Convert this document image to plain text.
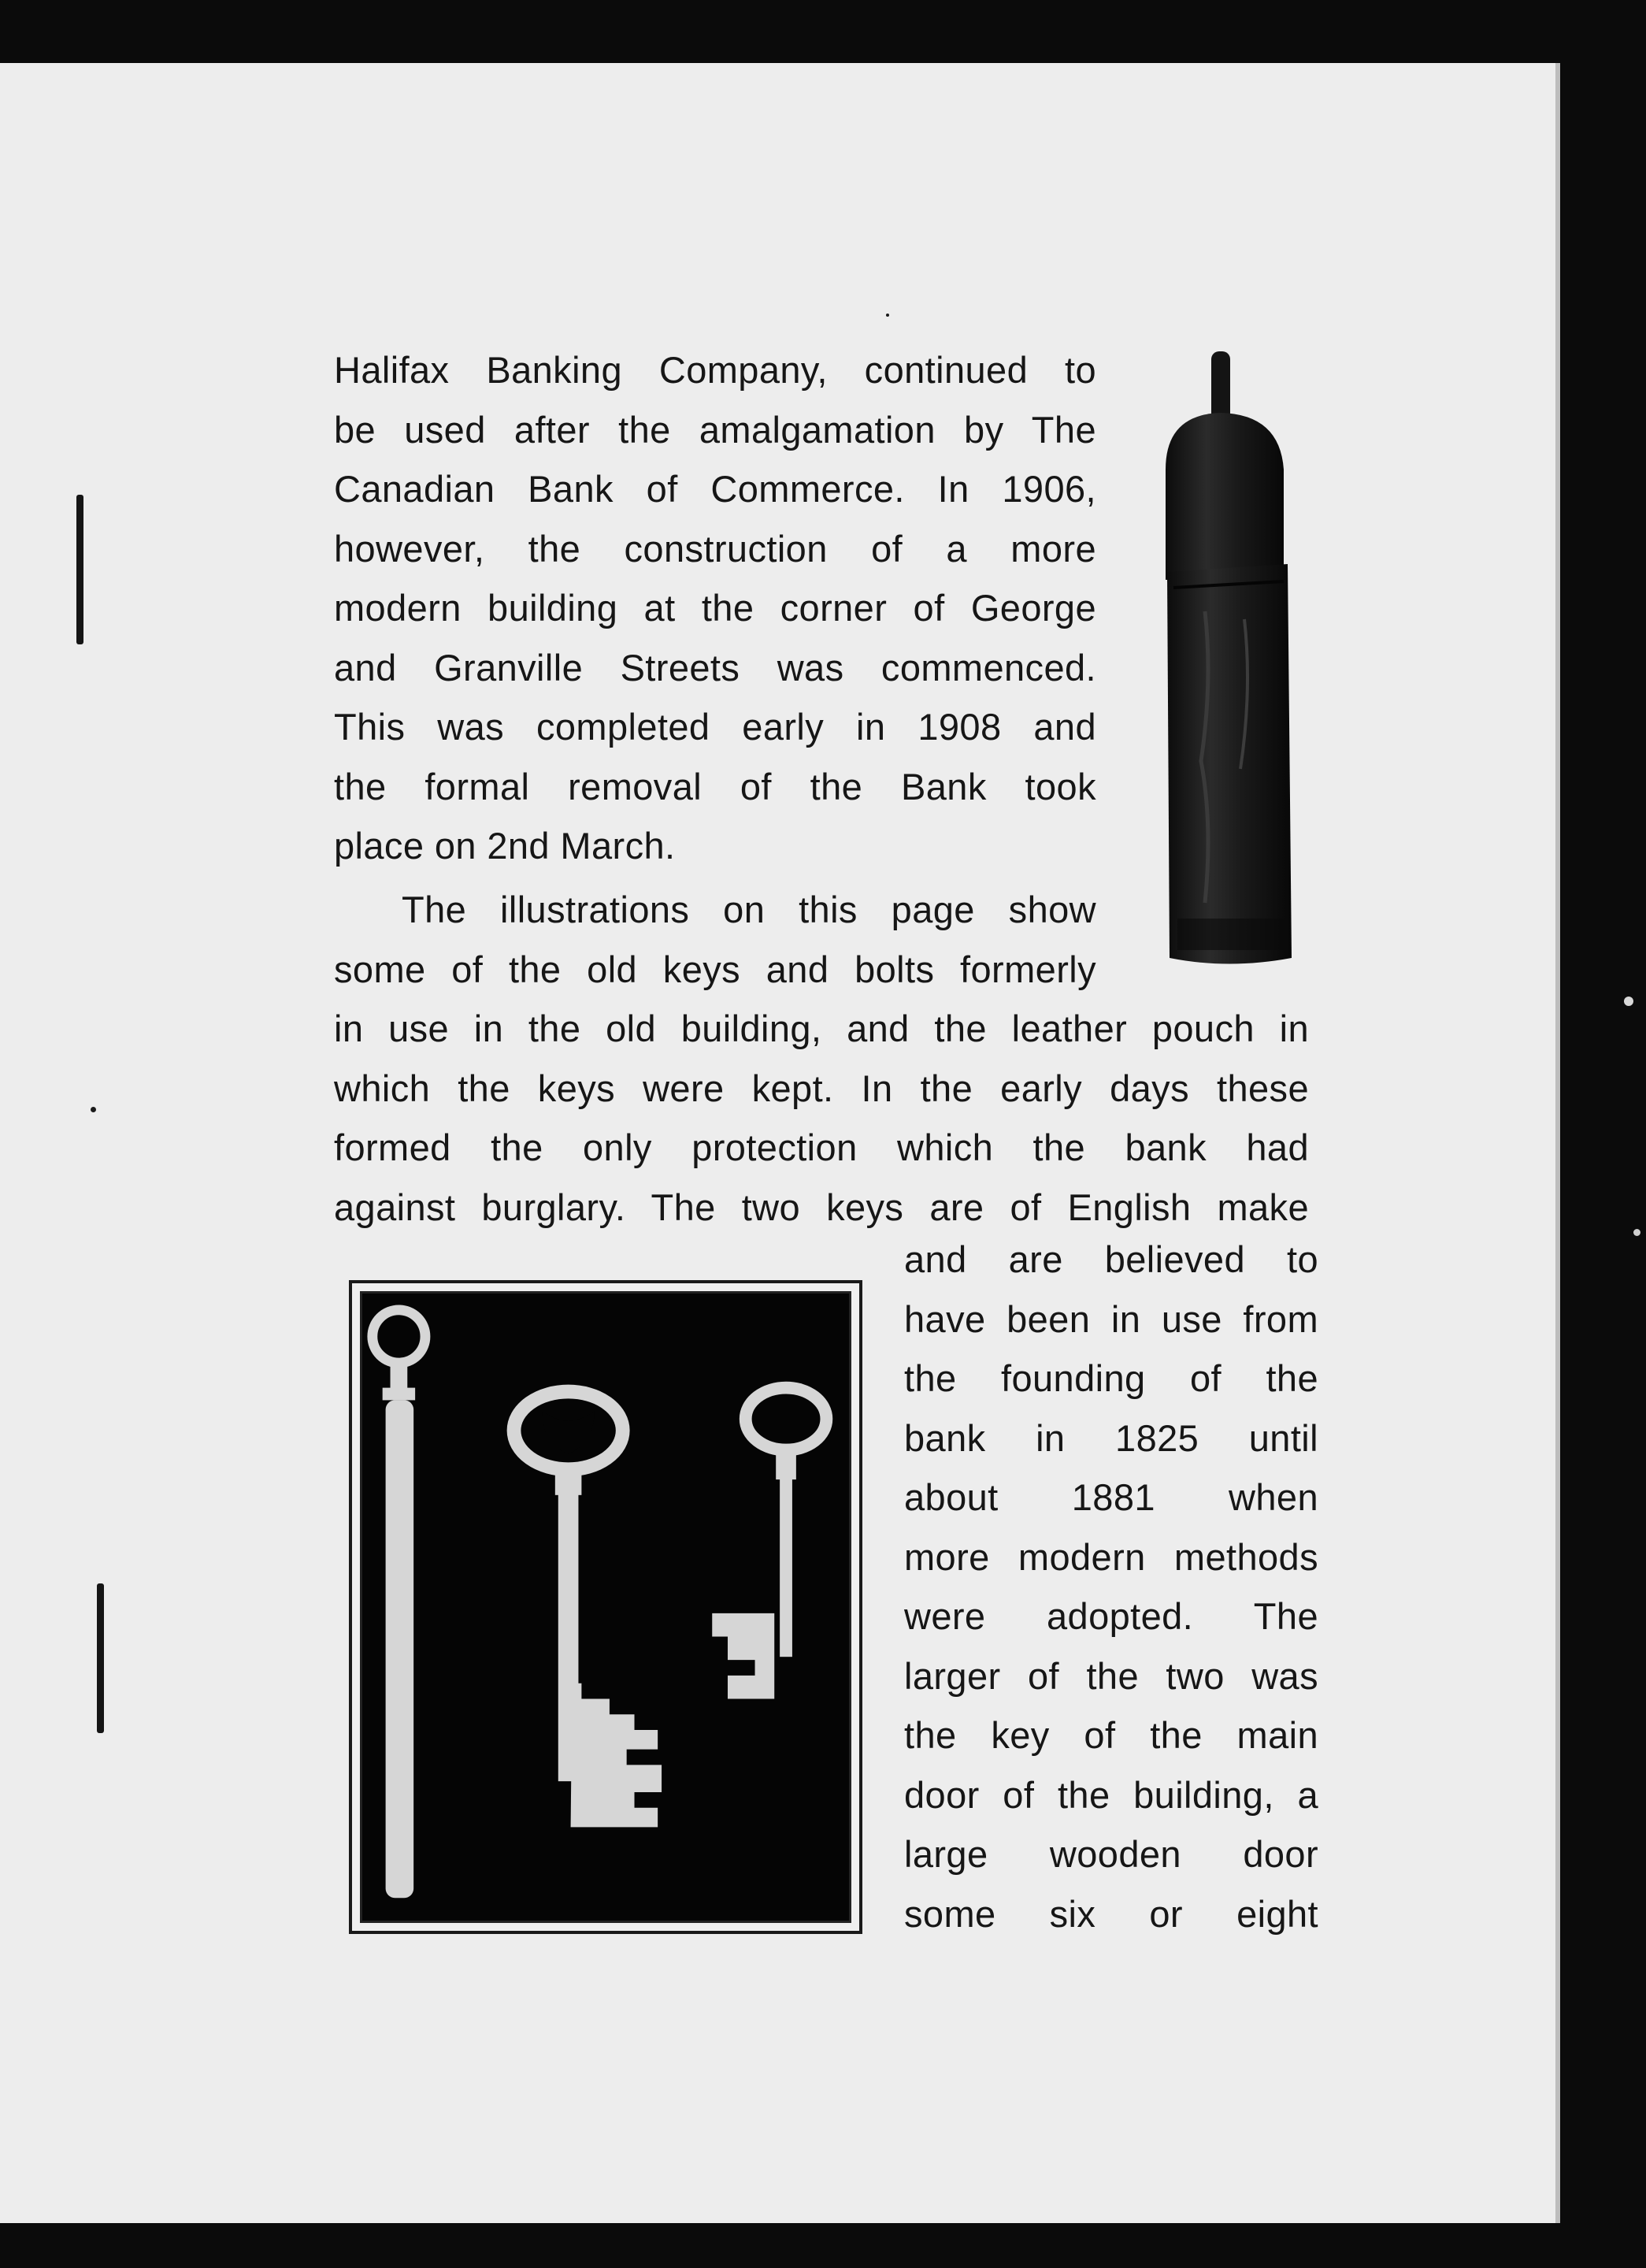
Halifax Banking Company, continued to
be used after the amalgamation by The
Canadian Bank of Commerce. In 1906,
however, the construction of a more
modern building at the corner of George
and Granville Streets was commenced.
This was completed early in 1908 and
the formal removal of the Bank took
place on 2nd March.
The illustrations on this page show
some of the old keys and bolts formerly
in use in the old building, and the leather pouch in
which the keys were kept. In the early days these
formed the only protection which the bank had
against burglary. The two keys are of English make
and are believed to
have been in use from
the founding of the
bank in 1825 until
about 1881 when
more modern methods
were adopted. The
larger of the two was
the key of the main
door of the building, a
large wooden door
some six or eight
